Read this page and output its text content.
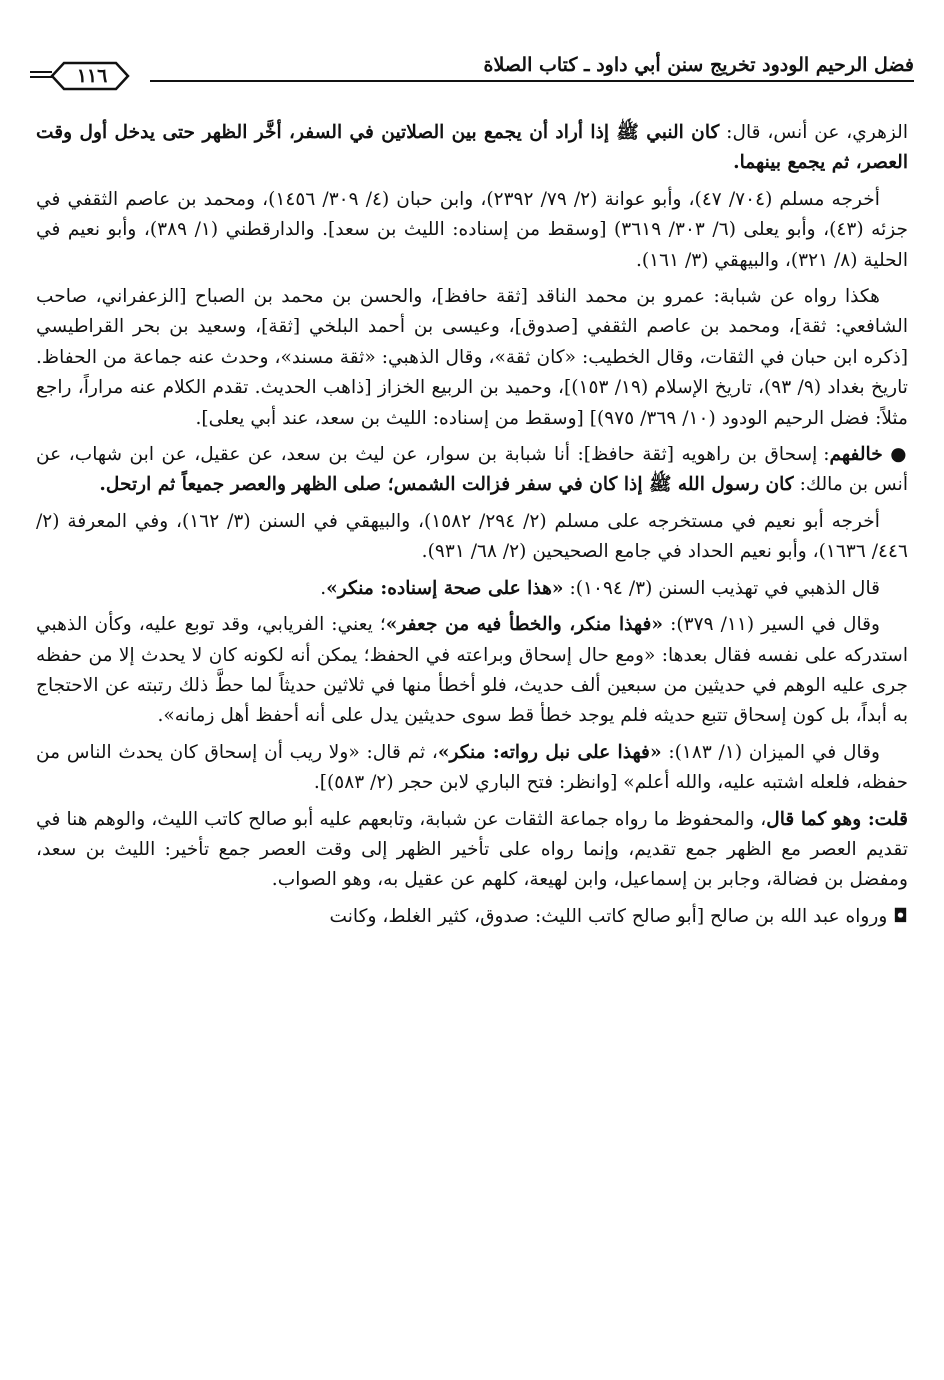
فضل الرحيم الودود تخريج سنن أبي داود ـ كتاب الصلاة
١١٦

الزهري، عن أنس، قال: كان النبي ﷺ إذا أراد أن يجمع بين الصلاتين في السفر، أخَّر الظهر حتى يدخل أول وقت العصر، ثم يجمع بينهما.

أخرجه مسلم (٧٠٤/ ٤٧)، وأبو عوانة (٢/ ٧٩/ ٢٣٩٢)، وابن حبان (٤/ ٣٠٩/ ١٤٥٦)، ومحمد بن عاصم الثقفي في جزئه (٤٣)، وأبو يعلى (٦/ ٣٠٣/ ٣٦١٩) [وسقط من إسناده: الليث بن سعد]. والدارقطني (١/ ٣٨٩)، وأبو نعيم في الحلية (٨/ ٣٢١)، والبيهقي (٣/ ١٦١).

هكذا رواه عن شبابة: عمرو بن محمد الناقد [ثقة حافظ]، والحسن بن محمد بن الصباح [الزعفراني، صاحب الشافعي: ثقة]، ومحمد بن عاصم الثقفي [صدوق]، وعيسى بن أحمد البلخي [ثقة]، وسعيد بن بحر القراطيسي [ذكره ابن حبان في الثقات، وقال الخطيب: «كان ثقة»، وقال الذهبي: «ثقة مسند»، وحدث عنه جماعة من الحفاظ. تاريخ بغداد (٩/ ٩٣)، تاريخ الإسلام (١٩/ ١٥٣)]، وحميد بن الربيع الخزاز [ذاهب الحديث. تقدم الكلام عنه مراراً، راجع مثلاً: فضل الرحيم الودود (١٠/ ٣٦٩/ ٩٧٥)] [وسقط من إسناده: الليث بن سعد، عند أبي يعلى].

● خالفهم: إسحاق بن راهويه [ثقة حافظ]: أنا شبابة بن سوار، عن ليث بن سعد، عن عقيل، عن ابن شهاب، عن أنس بن مالك: كان رسول الله ﷺ إذا كان في سفر فزالت الشمس؛ صلى الظهر والعصر جميعاً ثم ارتحل.

أخرجه أبو نعيم في مستخرجه على مسلم (٢/ ٢٩٤/ ١٥٨٢)، والبيهقي في السنن (٣/ ١٦٢)، وفي المعرفة (٢/ ٤٤٦/ ١٦٣٦)، وأبو نعيم الحداد في جامع الصحيحين (٢/ ٦٨/ ٩٣١).

قال الذهبي في تهذيب السنن (٣/ ١٠٩٤): «هذا على صحة إسناده: منكر».

وقال في السير (١١/ ٣٧٩): «فهذا منكر، والخطأ فيه من جعفر»؛ يعني: الفريابي، وقد توبع عليه، وكأن الذهبي استدركه على نفسه فقال بعدها: «ومع حال إسحاق وبراعته في الحفظ؛ يمكن أنه لكونه كان لا يحدث إلا من حفظه جرى عليه الوهم في حديثين من سبعين ألف حديث، فلو أخطأ منها في ثلاثين حديثاً لما حطَّ ذلك رتبته عن الاحتجاج به أبداً، بل كون إسحاق تتبع حديثه فلم يوجد خطأ قط سوى حديثين يدل على أنه أحفظ أهل زمانه».

وقال في الميزان (١/ ١٨٣): «فهذا على نبل رواته: منكر»، ثم قال: «ولا ريب أن إسحاق كان يحدث الناس من حفظه، فلعله اشتبه عليه، والله أعلم» [وانظر: فتح الباري لابن حجر (٢/ ٥٨٣)].

قلت: وهو كما قال، والمحفوظ ما رواه جماعة الثقات عن شبابة، وتابعهم عليه أبو صالح كاتب الليث، والوهم هنا في تقديم العصر مع الظهر جمع تقديم، وإنما رواه على تأخير الظهر إلى وقت العصر جمع تأخير: الليث بن سعد، ومفضل بن فضالة، وجابر بن إسماعيل، وابن لهيعة، كلهم عن عقيل به، وهو الصواب.

◘ ورواه عبد الله بن صالح [أبو صالح كاتب الليث: صدوق، كثير الغلط، وكانت
